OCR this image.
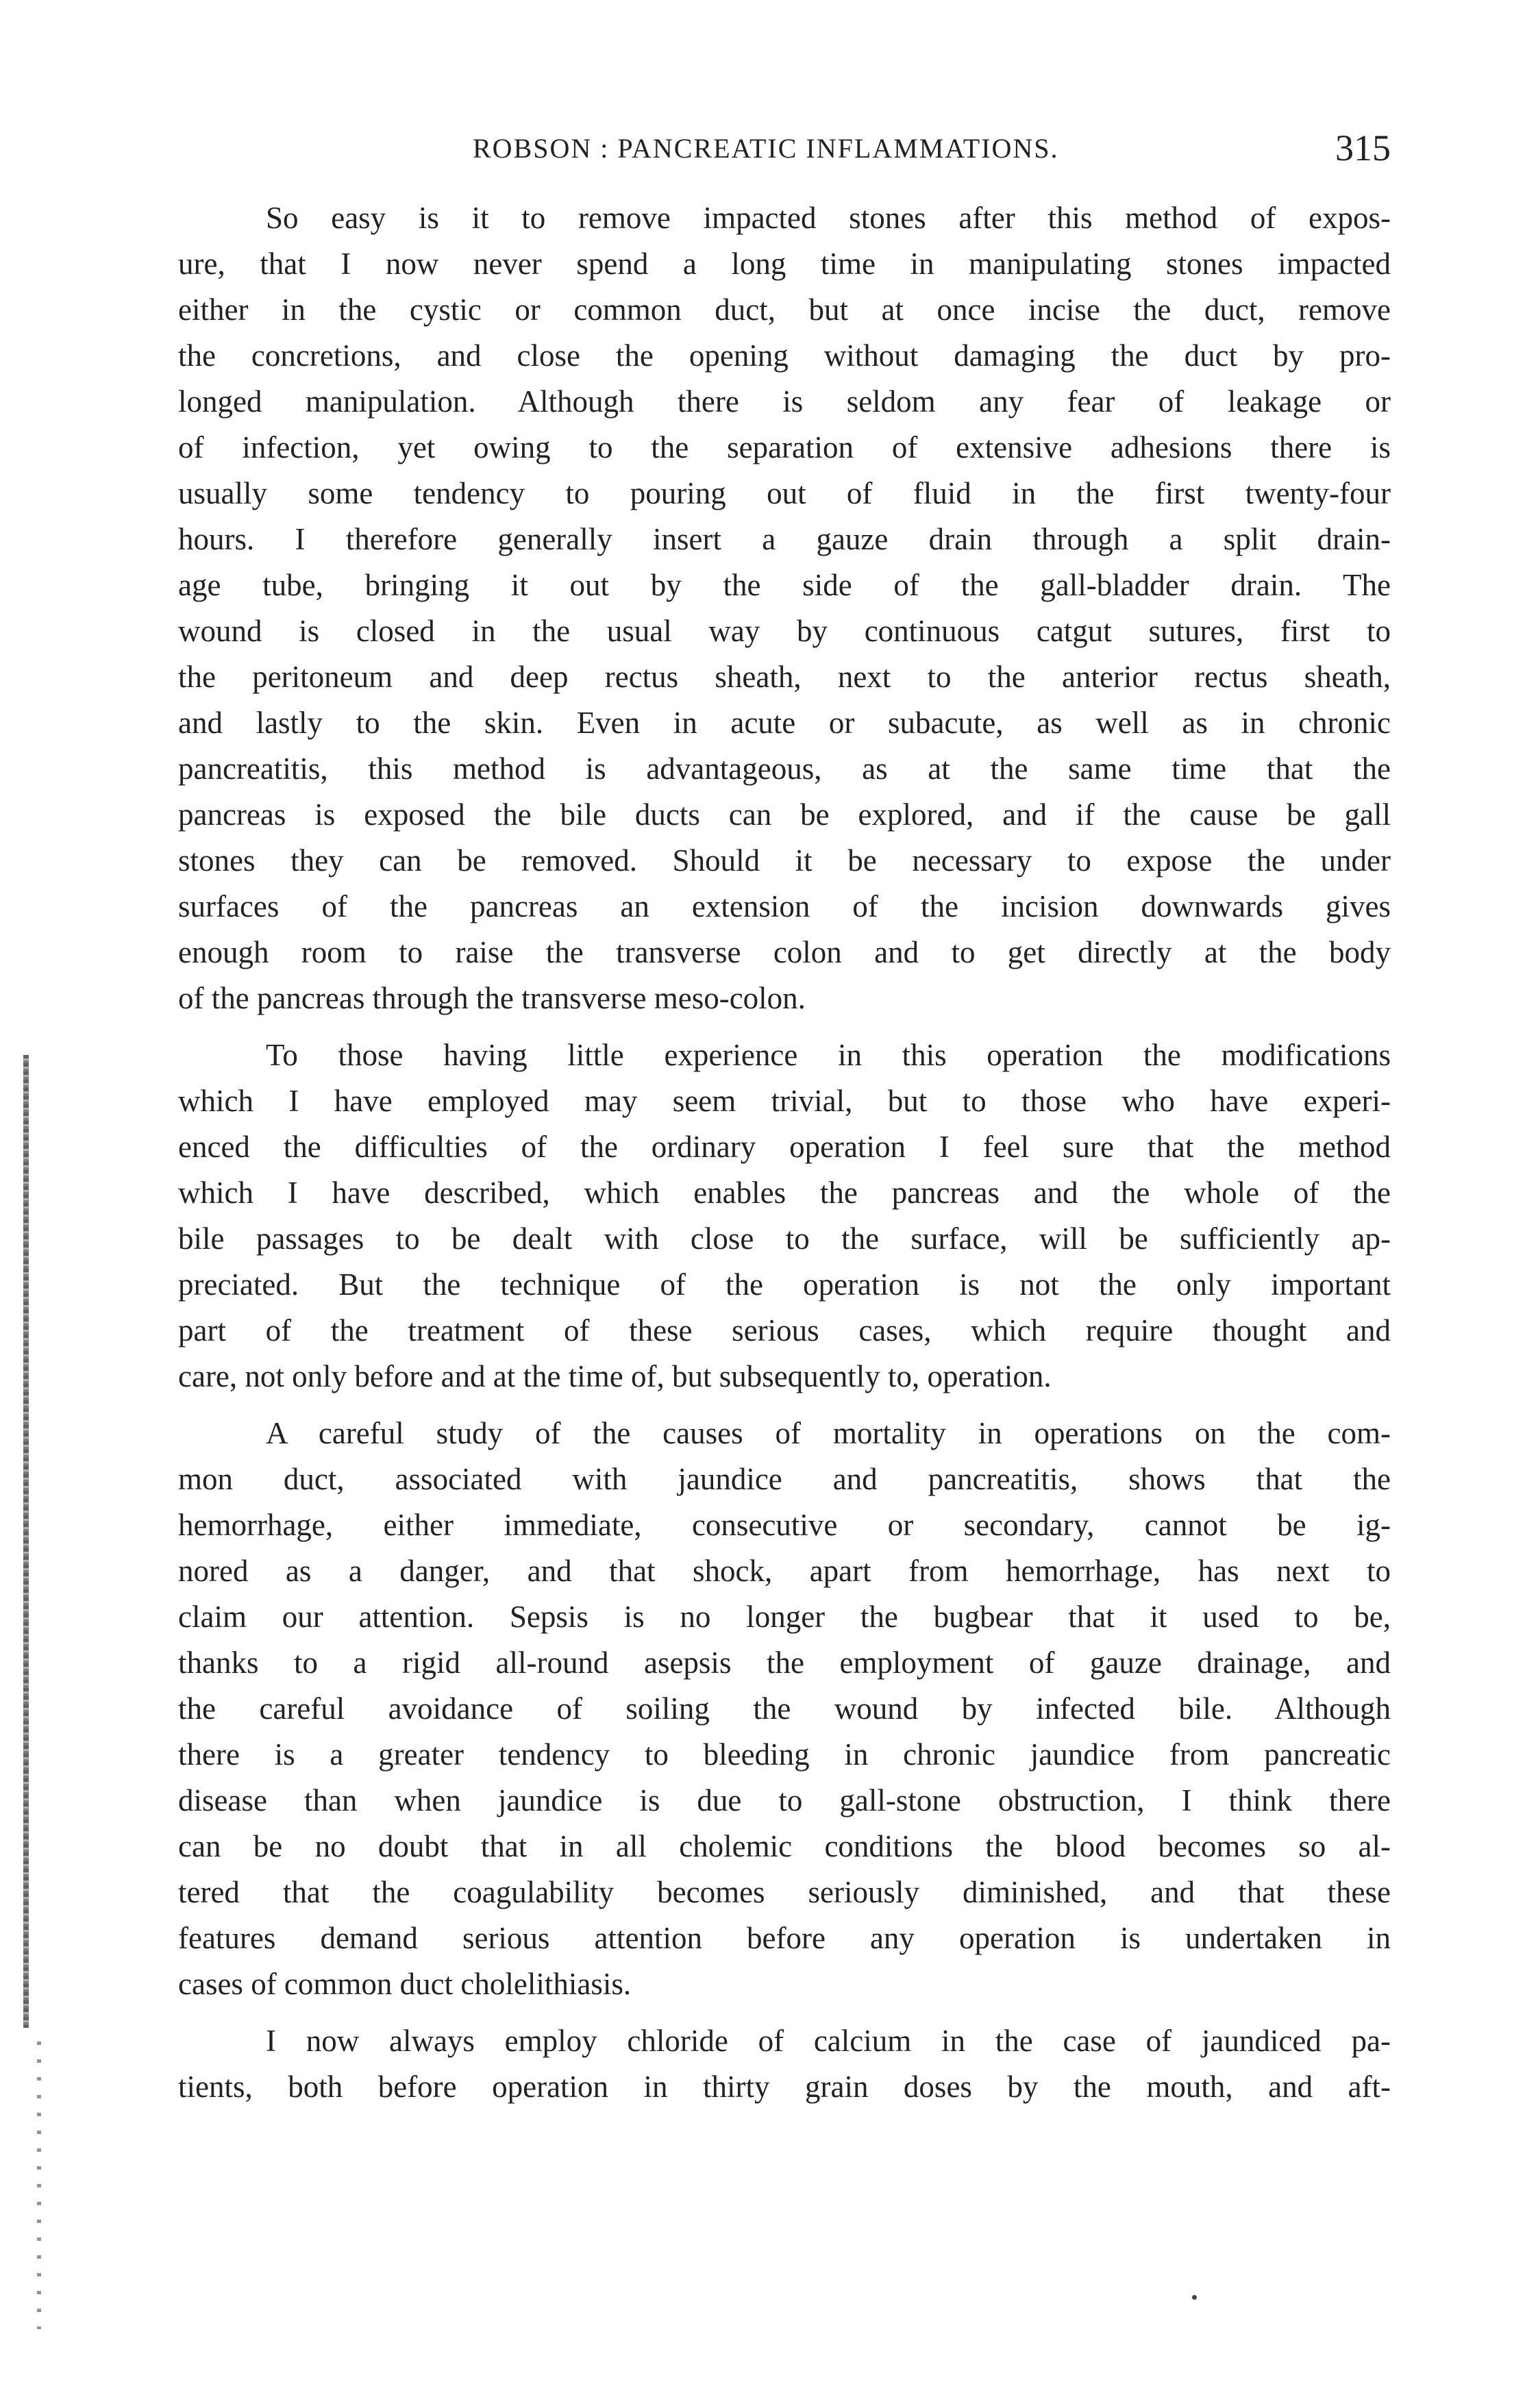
ROBSON : PANCREATIC INFLAMMATIONS.	315

So easy is it to remove impacted stones after this method of expos-
ure, that I now never spend a long time in manipulating stones impacted
either in the cystic or common duct, but at once incise the duct, remove
the concretions, and close the opening without damaging the duct by pro-
longed manipulation. Although there is seldom any fear of leakage or
of infection, yet owing to the separation of extensive adhesions there is
usually some tendency to pouring out of fluid in the first twenty-four
hours. I therefore generally insert a gauze drain through a split drain-
age tube, bringing it out by the side of the gall-bladder drain. The
wound is closed in the usual way by continuous catgut sutures, first to
the peritoneum and deep rectus sheath, next to the anterior rectus sheath,
and lastly to the skin. Even in acute or subacute, as well as in chronic
pancreatitis, this method is advantageous, as at the same time that the
pancreas is exposed the bile ducts can be explored, and if the cause be gall
stones they can be removed. Should it be necessary to expose the under
surfaces of the pancreas an extension of the incision downwards gives
enough room to raise the transverse colon and to get directly at the body
of the pancreas through the transverse meso-colon.

To those having little experience in this operation the modifications
which I have employed may seem trivial, but to those who have experi-
enced the difficulties of the ordinary operation I feel sure that the method
which I have described, which enables the pancreas and the whole of the
bile passages to be dealt with close to the surface, will be sufficiently ap-
preciated. But the technique of the operation is not the only important
part of the treatment of these serious cases, which require thought and
care, not only before and at the time of, but subsequently to, operation.

A careful study of the causes of mortality in operations on the com-
mon duct, associated with jaundice and pancreatitis, shows that the
hemorrhage, either immediate, consecutive or secondary, cannot be ig-
nored as a danger, and that shock, apart from hemorrhage, has next to
claim our attention. Sepsis is no longer the bugbear that it used to be,
thanks to a rigid all-round asepsis the employment of gauze drainage, and
the careful avoidance of soiling the wound by infected bile. Although
there is a greater tendency to bleeding in chronic jaundice from pancreatic
disease than when jaundice is due to gall-stone obstruction, I think there
can be no doubt that in all cholemic conditions the blood becomes so al-
tered that the coagulability becomes seriously diminished, and that these
features demand serious attention before any operation is undertaken in
cases of common duct cholelithiasis.

I now always employ chloride of calcium in the case of jaundiced pa-
tients, both before operation in thirty grain doses by the mouth, and aft-
